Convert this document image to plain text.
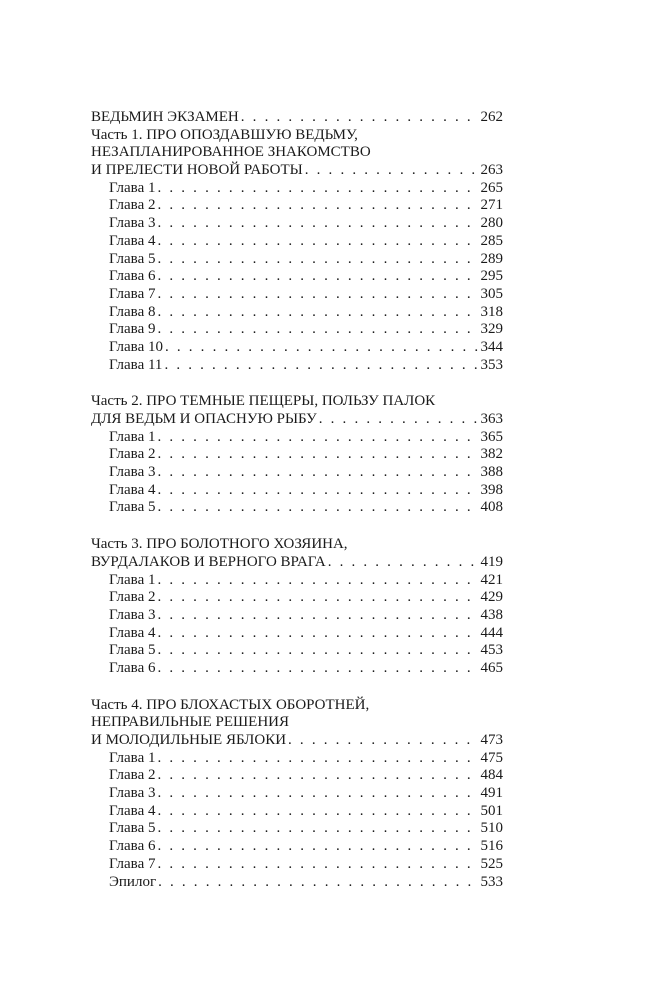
ВЕДЬМИН ЭКЗАМЕН . . .	262
Часть 1. ПРО ОПОЗДАВШУЮ ВЕДЬМУ,
НЕЗАПЛАНИРОВАННОЕ ЗНАКОМСТВО
И ПРЕЛЕСТИ НОВОЙ РАБОТЫ . . .	263
Глава 1 . . .	265
Глава 2 . . .	271
Глава 3 . . .	280
Глава 4 . . .	285
Глава 5 . . .	289
Глава 6 . . .	295
Глава 7 . . .	305
Глава 8 . . .	318
Глава 9 . . .	329
Глава 10 . . .	344
Глава 11 . . .	353
Часть 2. ПРО ТЕМНЫЕ ПЕЩЕРЫ, ПОЛЬЗУ ПАЛОК
ДЛЯ ВЕДЬМ И ОПАСНУЮ РЫБУ . . .	363
Глава 1 . . .	365
Глава 2 . . .	382
Глава 3 . . .	388
Глава 4 . . .	398
Глава 5 . . .	408
Часть 3. ПРО БОЛОТНОГО ХОЗЯИНА,
ВУРДАЛАКОВ И ВЕРНОГО ВРАГА . . .	419
Глава 1 . . .	421
Глава 2 . . .	429
Глава 3 . . .	438
Глава 4 . . .	444
Глава 5 . . .	453
Глава 6 . . .	465
Часть 4. ПРО БЛОХАСТЫХ ОБОРОТНЕЙ,
НЕПРАВИЛЬНЫЕ РЕШЕНИЯ
И МОЛОДИЛЬНЫЕ ЯБЛОКИ . . .	473
Глава 1 . . .	475
Глава 2 . . .	484
Глава 3 . . .	491
Глава 4 . . .	501
Глава 5 . . .	510
Глава 6 . . .	516
Глава 7 . . .	525
Эпилог . . .	533
